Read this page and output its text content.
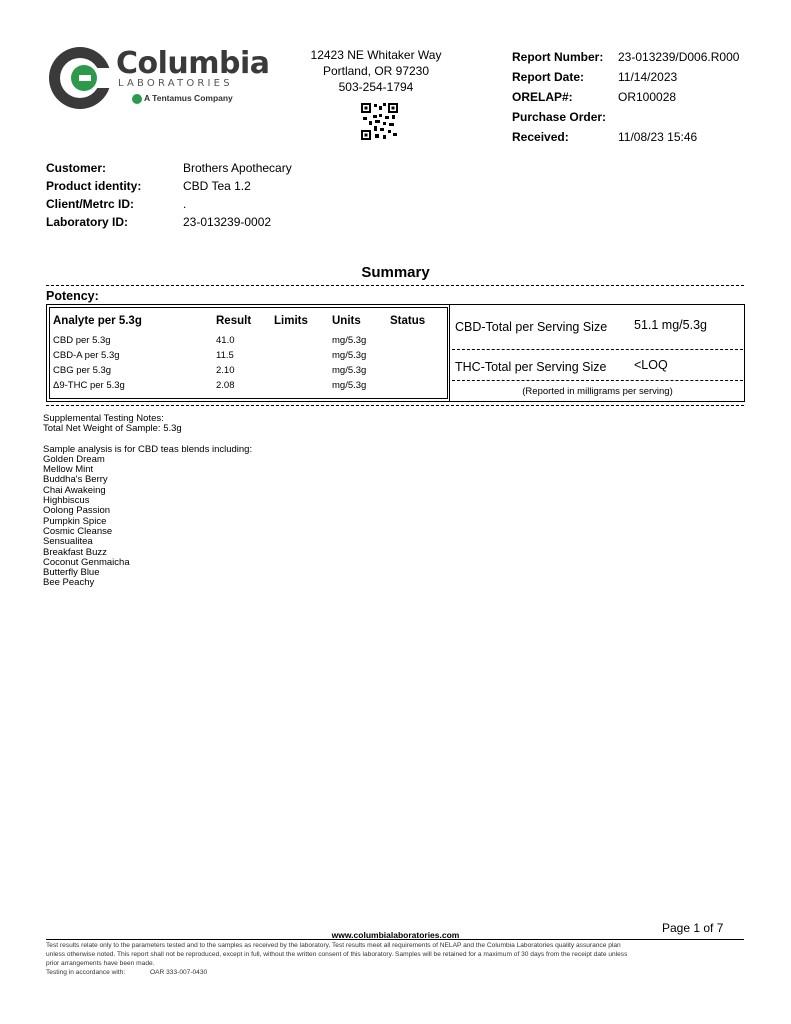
Columbia
LABORATORIES
A Tentamus Company
12423 NE Whitaker Way
Portland, OR 97230
503-254-1794
Report Number: 23-013239/D006.R000
Report Date:	11/14/2023
ORELAP#:	OR100028
Purchase Order:
Received:	11/08/23 15:46
Customer:	Brothers Apothecary
Product identity:	CBD Tea 1.2
Client/Metrc ID:	.
Laboratory ID:	23-013239-0002
Summary
Potency:
Analyte per 5.3g	Result Limits Units	Status
CBD per 5.3g	41.0	mg/5.3g
CBD-A per 5.3g	11.5	mg/5.3g
CBG per 5.3g	2.10	mg/5.3g
Δ9-THC per 5.3g	2.08	mg/5.3g
CBD-Total per Serving Size 51.1 mg/5.3g
THC-Total per Serving Size <LOQ
(Reported in milligrams per serving)
Supplemental Testing Notes:
Total Net Weight of Sample: 5.3g
Sample analysis is for CBD teas blends including:
Golden Dream
Mellow Mint
Buddha's Berry
Chai Awakeing
Highbiscus
Oolong Passion
Pumpkin Spice
Cosmic Cleanse
Sensualitea
Breakfast Buzz
Coconut Genmaicha
Butterfly Blue
Bee Peachy
Page 1 of 7
www.columbialaboratories.com
Test results relate only to the parameters tested and to the samples as received by the laboratory. Test results meet all requirements of NELAP and the Columbia Laboratories quality assurance plan
unless otherwise noted. This report shall not be reproduced, except in full, without the written consent of this laboratory. Samples will be retained for a maximum of 30 days from the receipt date unless
prior arrangements have been made.
Testing in accordance with:	OAR 333-007-0430
